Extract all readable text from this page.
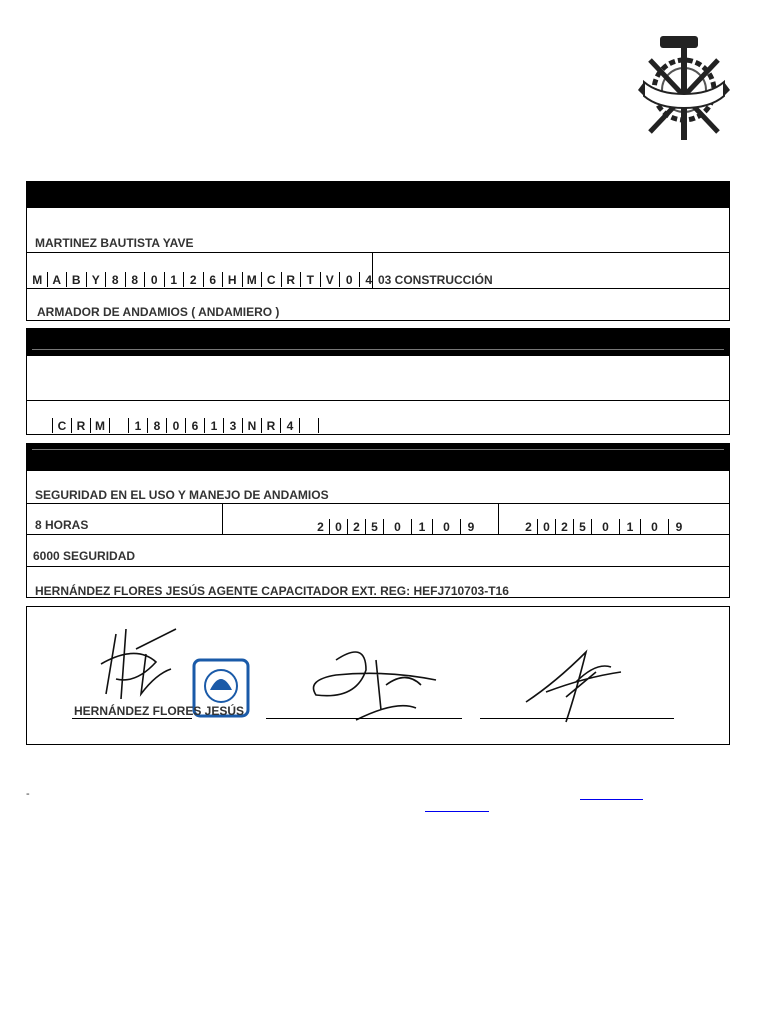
MARTINEZ BAUTISTA YAVE
M A B Y	8	8	0	1	2	6 H M C R T V	0	4 03 CONSTRUCCIÓN
ARMADOR DE ANDAMIOS ( ANDAMIERO )
C R M	1	8	0	6	1	3 N R 4
SEGURIDAD EN EL USO Y MANEJO DE ANDAMIOS
8 HORAS	2 0 2 5	0	1	0	9	2 0 2 5	0	1	0	9
6000 SEGURIDAD
HERNÁNDEZ FLORES JESÚS AGENTE CAPACITADOR EXT. REG: HEFJ710703-T16
HERNÁNDEZ FLORES JESÚS
-
